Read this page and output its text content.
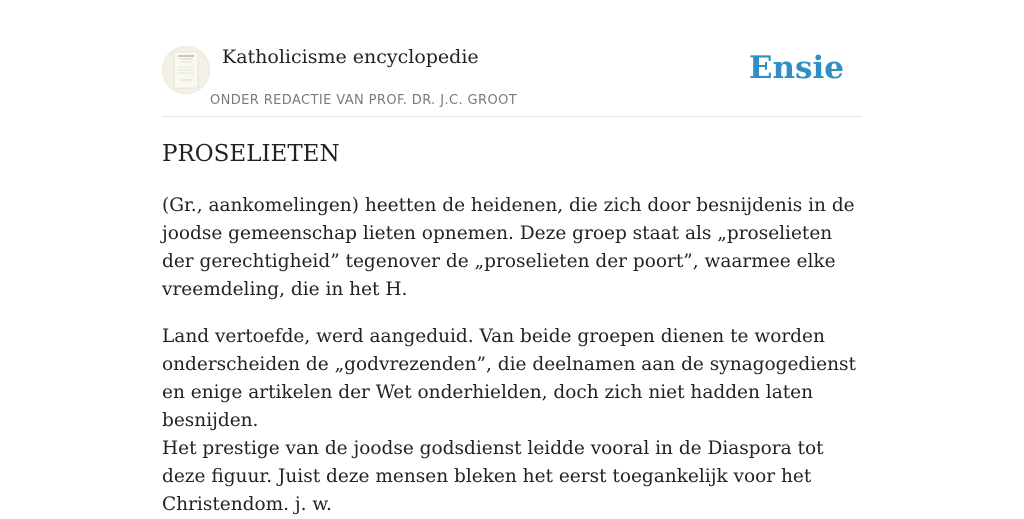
Katholicisme encyclopedie
ONDER REDACTIE VAN PROF. DR. J.C. GROOT
Ensie
PROSELIETEN

(Gr., aankomelingen) heetten de heidenen, die zich door besnijdenis in de joodse gemeenschap lieten opnemen. Deze groep staat als „proselieten der gerechtigheid” tegenover de „proselieten der poort”, waarmee elke vreemdeling, die in het H.

Land vertoefde, werd aangeduid. Van beide groepen dienen te worden onderscheiden de „godvrezenden”, die deelnamen aan de synagogedienst en enige artikelen der Wet onderhielden, doch zich niet hadden laten besnijden.

Het prestige van de joodse godsdienst leidde vooral in de Diaspora tot deze figuur. Juist deze mensen bleken het eerst toegankelijk voor het Christendom. j. w.
